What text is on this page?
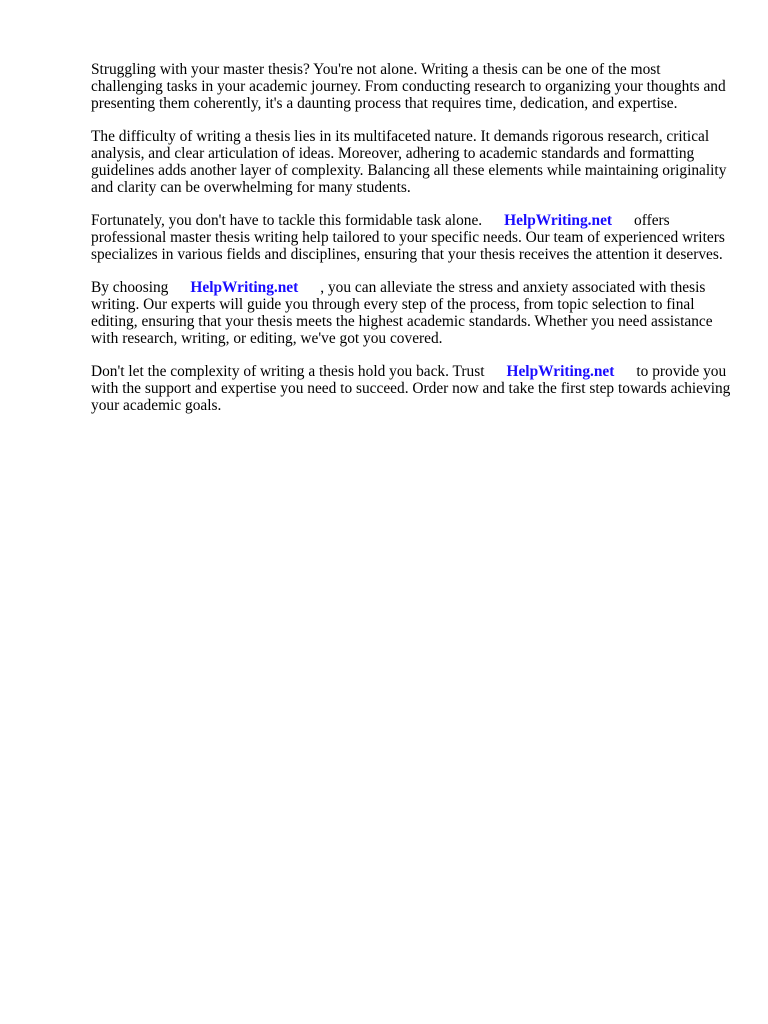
Struggling with your master thesis? You're not alone. Writing a thesis can be one of the most challenging tasks in your academic journey. From conducting research to organizing your thoughts and presenting them coherently, it's a daunting process that requires time, dedication, and expertise.

The difficulty of writing a thesis lies in its multifaceted nature. It demands rigorous research, critical analysis, and clear articulation of ideas. Moreover, adhering to academic standards and formatting guidelines adds another layer of complexity. Balancing all these elements while maintaining originality and clarity can be overwhelming for many students.

Fortunately, you don't have to tackle this formidable task alone. HelpWriting.net offers professional master thesis writing help tailored to your specific needs. Our team of experienced writers specializes in various fields and disciplines, ensuring that your thesis receives the attention it deserves.

By choosing HelpWriting.net , you can alleviate the stress and anxiety associated with thesis writing. Our experts will guide you through every step of the process, from topic selection to final editing, ensuring that your thesis meets the highest academic standards. Whether you need assistance with research, writing, or editing, we've got you covered.

Don't let the complexity of writing a thesis hold you back. Trust HelpWriting.net to provide you with the support and expertise you need to succeed. Order now and take the first step towards achieving your academic goals.
